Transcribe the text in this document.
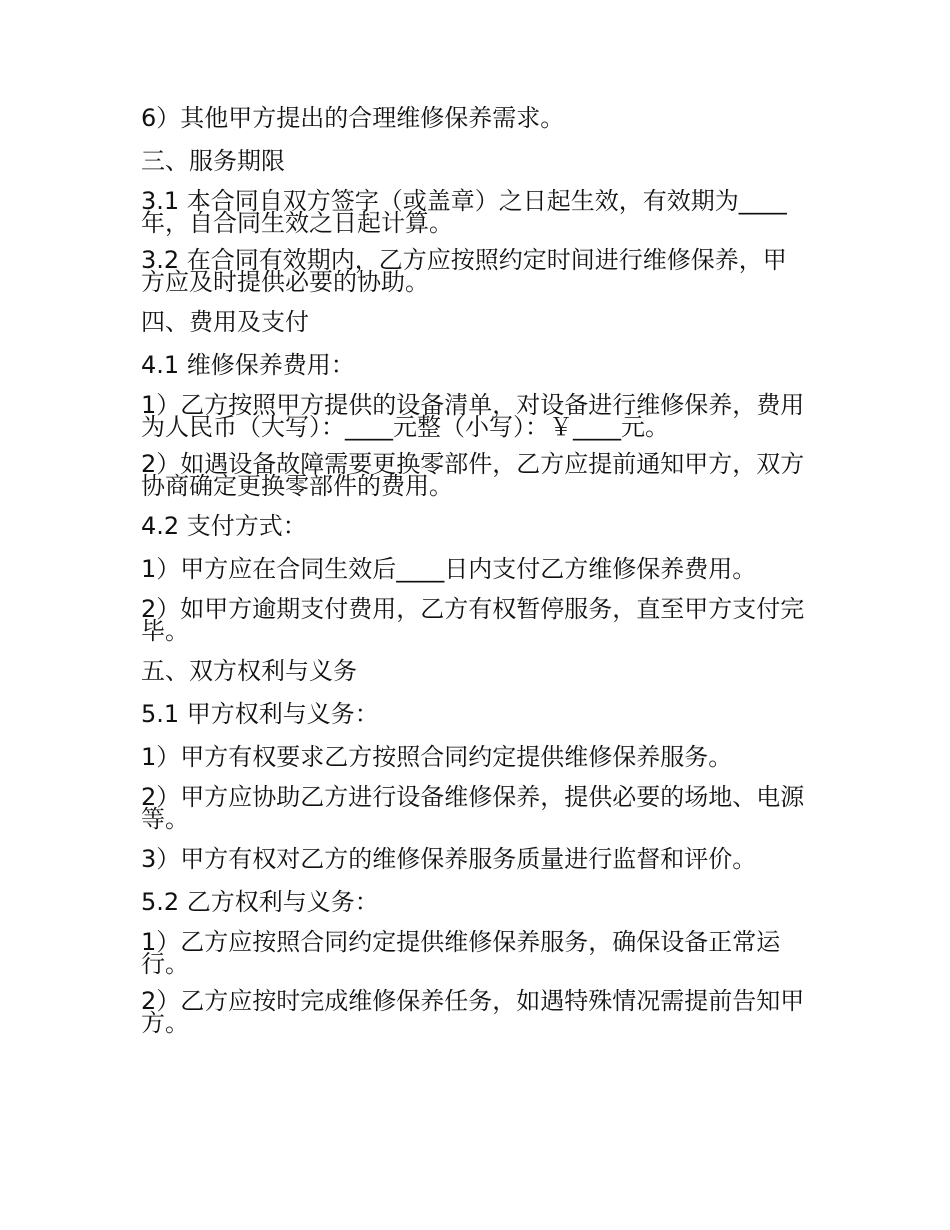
6）其他甲方提出的合理维修保养需求。

三、服务期限

3.1 本合同自双方签字（或盖章）之日起生效，有效期为____年，自合同生效之日起计算。

3.2 在合同有效期内，乙方应按照约定时间进行维修保养，甲方应及时提供必要的协助。

四、费用及支付

4.1 维修保养费用：

1）乙方按照甲方提供的设备清单，对设备进行维修保养，费用为人民币（大写）：____元整（小写）：￥____元。

2）如遇设备故障需要更换零部件，乙方应提前通知甲方，双方协商确定更换零部件的费用。

4.2 支付方式：

1）甲方应在合同生效后____日内支付乙方维修保养费用。

2）如甲方逾期支付费用，乙方有权暂停服务，直至甲方支付完毕。

五、双方权利与义务

5.1 甲方权利与义务：

1）甲方有权要求乙方按照合同约定提供维修保养服务。

2）甲方应协助乙方进行设备维修保养，提供必要的场地、电源等。

3）甲方有权对乙方的维修保养服务质量进行监督和评价。

5.2 乙方权利与义务：

1）乙方应按照合同约定提供维修保养服务，确保设备正常运行。

2）乙方应按时完成维修保养任务，如遇特殊情况需提前告知甲方。
